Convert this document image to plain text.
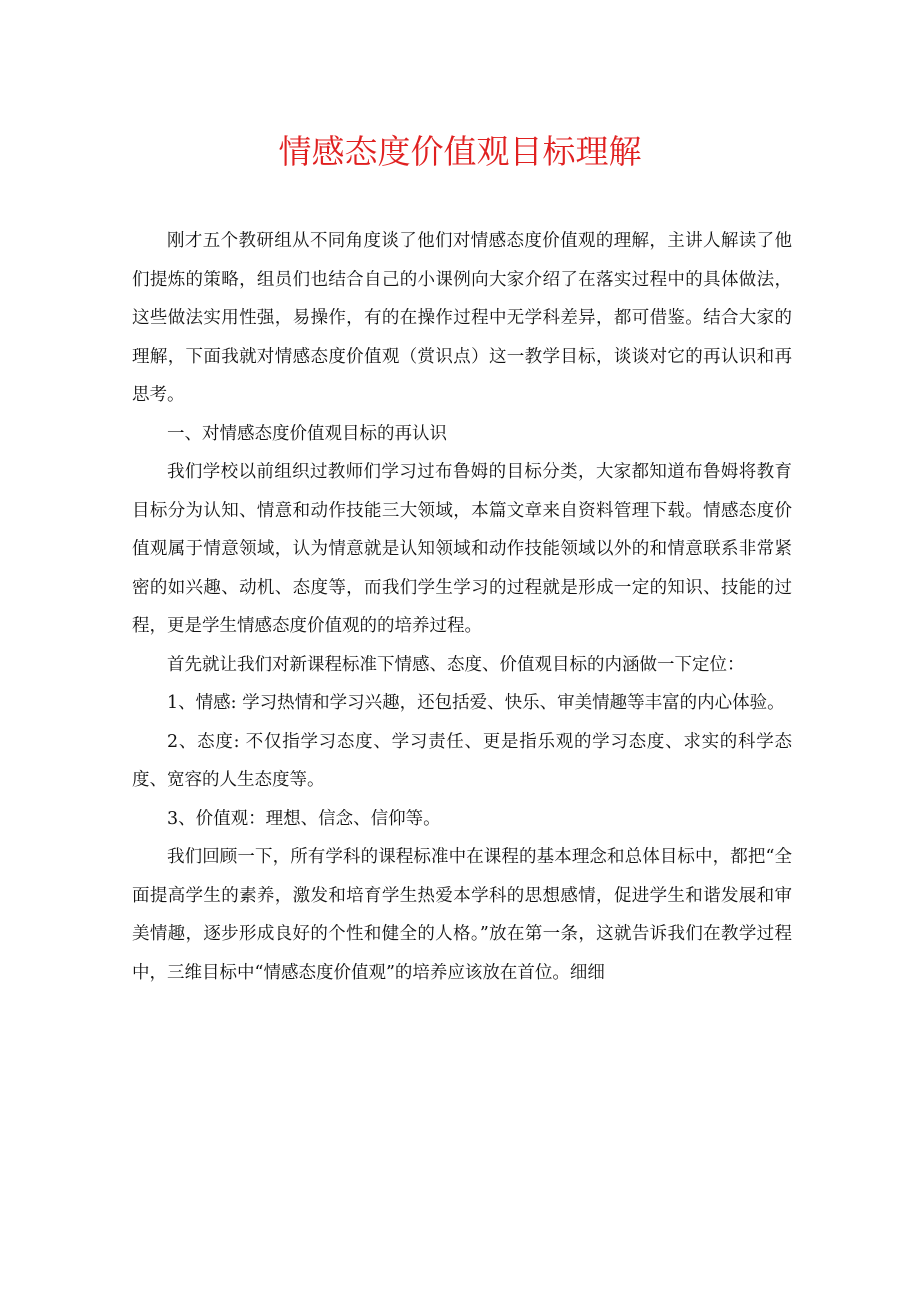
情感态度价值观目标理解

刚才五个教研组从不同角度谈了他们对情感态度价值观的理解，主讲人解读了他们提炼的策略，组员们也结合自己的小课例向大家介绍了在落实过程中的具体做法，这些做法实用性强，易操作，有的在操作过程中无学科差异，都可借鉴。结合大家的理解，下面我就对情感态度价值观（赏识点）这一教学目标，谈谈对它的再认识和再思考。

一、对情感态度价值观目标的再认识

我们学校以前组织过教师们学习过布鲁姆的目标分类，大家都知道布鲁姆将教育目标分为认知、情意和动作技能三大领域，本篇文章来自资料管理下载。情感态度价值观属于情意领域，认为情意就是认知领域和动作技能领域以外的和情意联系非常紧密的如兴趣、动机、态度等，而我们学生学习的过程就是形成一定的知识、技能的过程，更是学生情感态度价值观的的培养过程。

首先就让我们对新课程标准下情感、态度、价值观目标的内涵做一下定位：

1、情感: 学习热情和学习兴趣，还包括爱、快乐、审美情趣等丰富的内心体验。

2、态度: 不仅指学习态度、学习责任、更是指乐观的学习态度、求实的科学态度、宽容的人生态度等。

3、价值观：理想、信念、信仰等。

我们回顾一下，所有学科的课程标准中在课程的基本理念和总体目标中，都把“全面提高学生的素养，激发和培育学生热爱本学科的思想感情，促进学生和谐发展和审美情趣，逐步形成良好的个性和健全的人格。”放在第一条，这就告诉我们在教学过程中，三维目标中“情感态度价值观”的培养应该放在首位。细细
